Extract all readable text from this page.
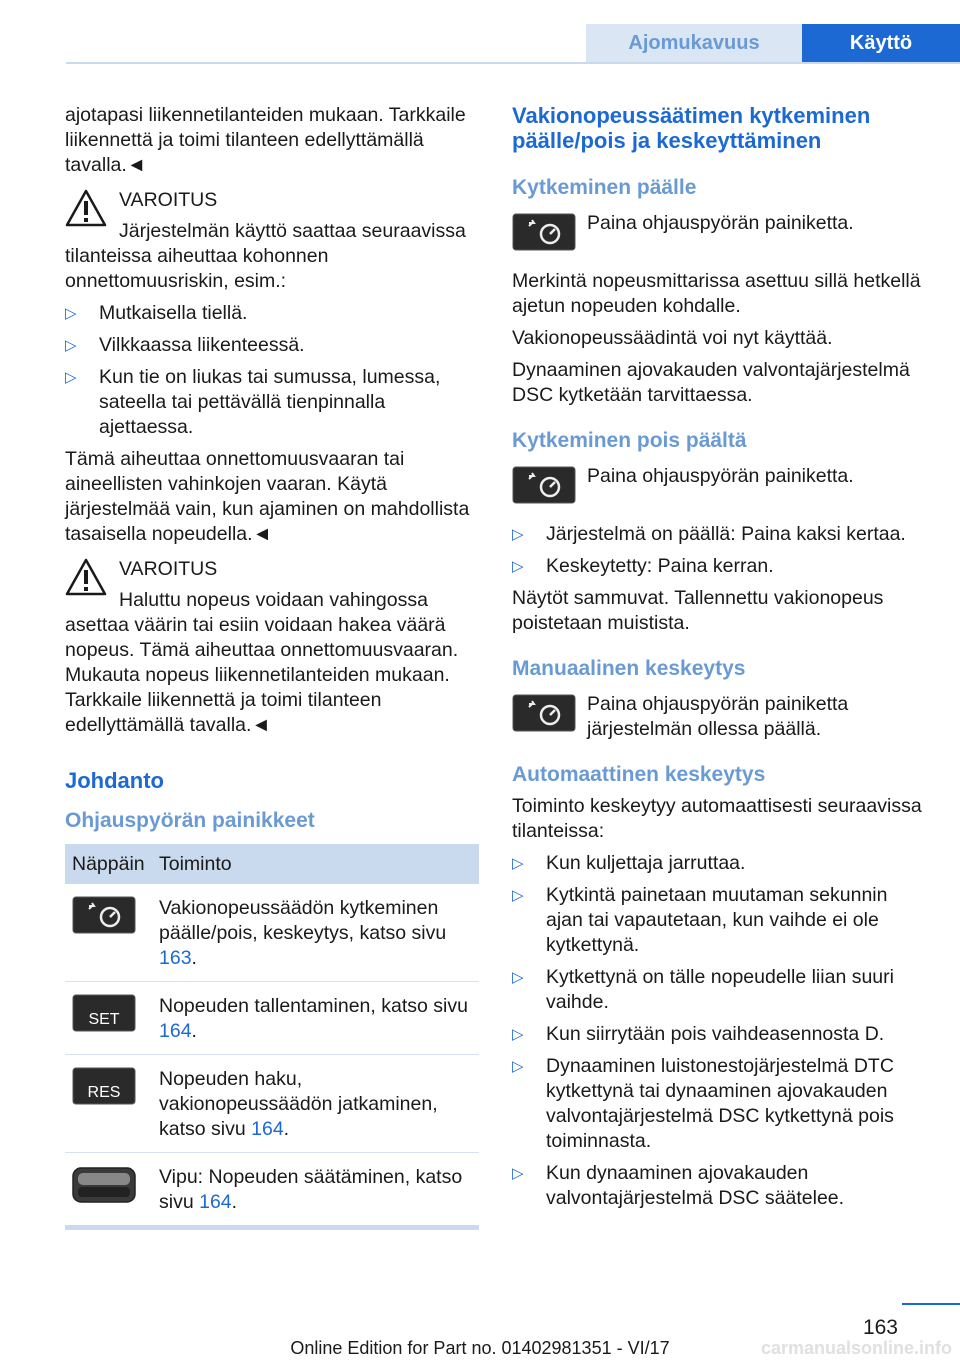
Ajomukavuus	Käyttö

ajotapasi liikennetilanteiden mukaan. Tarkkaile liikennettä ja toimi tilanteen edellyttämällä tavalla.◄

VAROITUS
Järjestelmän käyttö saattaa seuraavissa tilanteissa aiheuttaa kohonnen onnettomuusriskin, esim.:
▷ Mutkaisella tiellä.
▷ Vilkkaassa liikenteessä.
▷ Kun tie on liukas tai sumussa, lumessa, sateella tai pettävällä tienpinnalla ajettaessa.

Tämä aiheuttaa onnettomuusvaaran tai aineellisten vahinkojen vaaran. Käytä järjestelmää vain, kun ajaminen on mahdollista tasaisella nopeudella.◄

VAROITUS
Haluttu nopeus voidaan vahingossa asettaa väärin tai esiin voidaan hakea väärä nopeus. Tämä aiheuttaa onnettomuusvaaran. Mukauta nopeus liikennetilanteiden mukaan. Tarkkaile liikennettä ja toimi tilanteen edellyttämällä tavalla.◄
Johdanto
Ohjauspyörän painikkeet
Näppäin	Toiminto
	Vakionopeussäädön kytkeminen päälle/pois, keskeytys, katso sivu 163.

	Nopeuden tallentaminen, katso sivu 164.

	Nopeuden haku, vakionopeussäädön jatkaminen, katso sivu 164.
	Vipu: Nopeuden säätäminen, katso sivu 164.
Vakionopeussäätimen kytkeminen päälle/pois ja keskeyttäminen
Kytkeminen päälle
Paina ohjauspyörän painiketta.

Merkintä nopeusmittarissa asettuu sillä hetkellä ajetun nopeuden kohdalle.

Vakionopeussäädintä voi nyt käyttää.

Dynaaminen ajovakauden valvontajärjestelmä DSC kytketään tarvittaessa.

Kytkeminen pois päältä
Paina ohjauspyörän painiketta.
▷ Järjestelmä on päällä: Paina kaksi kertaa.
▷ Keskeytetty: Paina kerran.

Näytöt sammuvat. Tallennettu vakionopeus poistetaan muistista.

Manuaalinen keskeytys
Paina ohjauspyörän painiketta järjestelmän ollessa päällä.
Automaattinen keskeytys

Toiminto keskeytyy automaattisesti seuraavissa tilanteissa:

▷ Kun kuljettaja jarruttaa.
▷ Kytkintä painetaan muutaman sekunnin ajan tai vapautetaan, kun vaihde ei ole kytkettynä.
▷ Kytkettynä on tälle nopeudelle liian suuri vaihde.
▷ Kun siirrytään pois vaihdeasennosta D.
▷ Dynaaminen luistonestojärjestelmä DTC kytkettynä tai dynaaminen ajovakauden valvontajärjestelmä DSC kytkettynä pois toiminnasta.
▷ Kun dynaaminen ajovakauden valvontajärjestelmä DSC säätelee.
163
Online Edition for Part no. 01402981351 - VI/17	carmanualsonline.info
